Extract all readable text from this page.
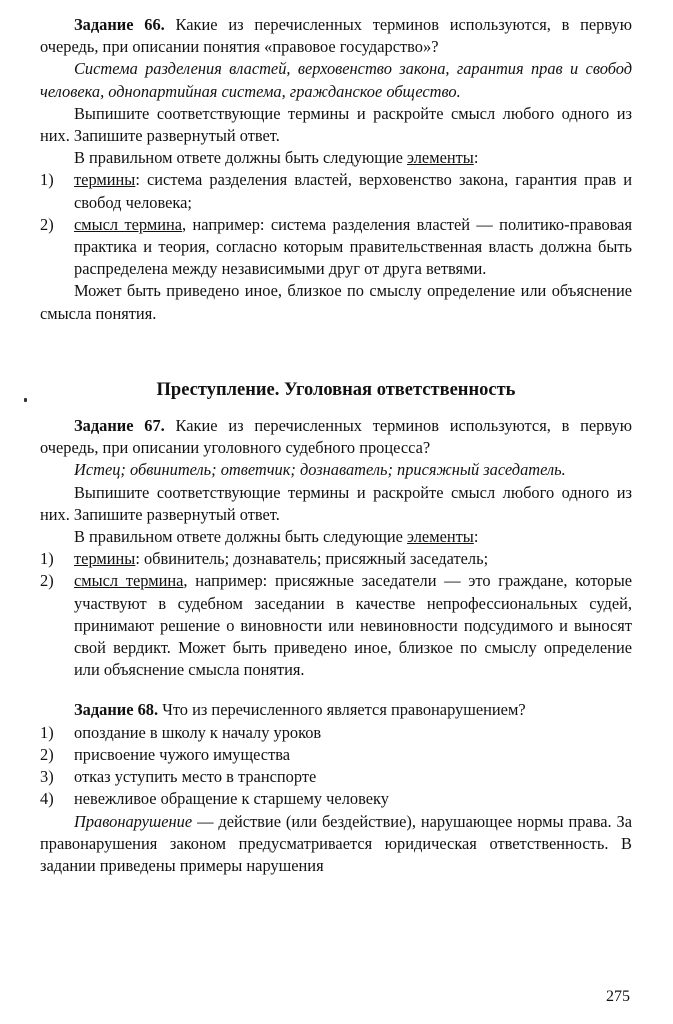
Задание 66. Какие из перечисленных терминов используются, в первую очередь, при описании понятия «правовое государство»?

Система разделения властей, верховенство закона, гарантия прав и свобод человека, однопартийная система, гражданское общество.

Выпишите соответствующие термины и раскройте смысл любого одного из них. Запишите развернутый ответ.

В правильном ответе должны быть следующие элементы:

1)	термины: система разделения властей, верховенство закона, гарантия прав и свобод человека;
2)	смысл термина, например: система разделения властей — политико-правовая практика и теория, согласно которым правительственная власть должна быть распределена между независимыми друг от друга ветвями.

Может быть приведено иное, близкое по смыслу определение или объяснение смысла понятия.

Преступление. Уголовная ответственность

Задание 67. Какие из перечисленных терминов используются, в первую очередь, при описании уголовного судебного процесса?

Истец; обвинитель; ответчик; дознаватель; присяжный заседатель.

Выпишите соответствующие термины и раскройте смысл любого одного из них. Запишите развернутый ответ.

В правильном ответе должны быть следующие элементы:

1)	термины: обвинитель; дознаватель; присяжный заседатель;
2)	смысл термина, например: присяжные заседатели — это граждане, которые участвуют в судебном заседании в качестве непрофессиональных судей, принимают решение о виновности или невиновности подсудимого и выносят свой вердикт. Может быть приведено иное, близкое по смыслу определение или объяснение смысла понятия.

Задание 68. Что из перечисленного является правонарушением?

1)	опоздание в школу к началу уроков
2)	присвоение чужого имущества
3)	отказ уступить место в транспорте
4)	невежливое обращение к старшему человеку

Правонарушение — действие (или бездействие), нарушающее нормы права. За правонарушения законом предусматривается юридическая ответственность. В задании приведены примеры нарушения

275
